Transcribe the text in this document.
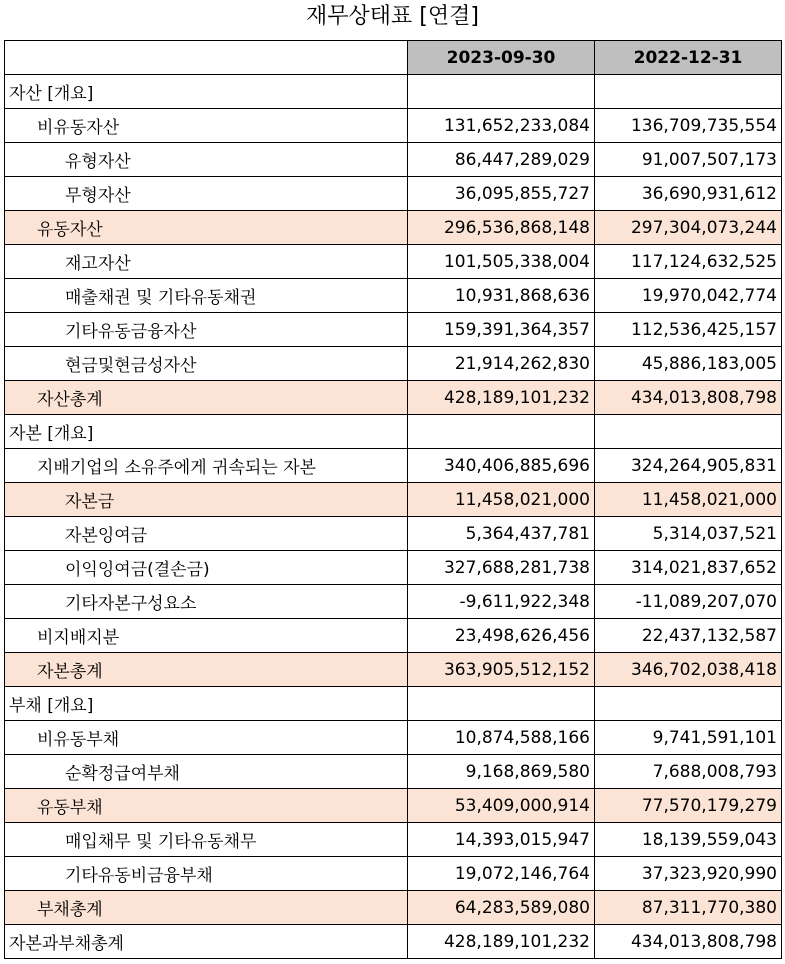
재무상태표 [연결]
	2023-09-30	2022-12-31
자산 [개요]		
비유동자산	131,652,233,084	136,709,735,554
유형자산	86,447,289,029	91,007,507,173
무형자산	36,095,855,727	36,690,931,612
유동자산	296,536,868,148	297,304,073,244
재고자산	101,505,338,004	117,124,632,525
매출채권 및 기타유동채권	10,931,868,636	19,970,042,774
기타유동금융자산	159,391,364,357	112,536,425,157
현금및현금성자산	21,914,262,830	45,886,183,005
자산총계	428,189,101,232	434,013,808,798
자본 [개요]		
지배기업의 소유주에게 귀속되는 자본	340,406,885,696	324,264,905,831
자본금	11,458,021,000	11,458,021,000
자본잉여금	5,364,437,781	5,314,037,521
이익잉여금(결손금)	327,688,281,738	314,021,837,652
기타자본구성요소	-9,611,922,348	-11,089,207,070
비지배지분	23,498,626,456	22,437,132,587
자본총계	363,905,512,152	346,702,038,418
부채 [개요]		
비유동부채	10,874,588,166	9,741,591,101
순확정급여부채	9,168,869,580	7,688,008,793
유동부채	53,409,000,914	77,570,179,279
매입채무 및 기타유동채무	14,393,015,947	18,139,559,043
기타유동비금융부채	19,072,146,764	37,323,920,990
부채총계	64,283,589,080	87,311,770,380
자본과부채총계	428,189,101,232	434,013,808,798
